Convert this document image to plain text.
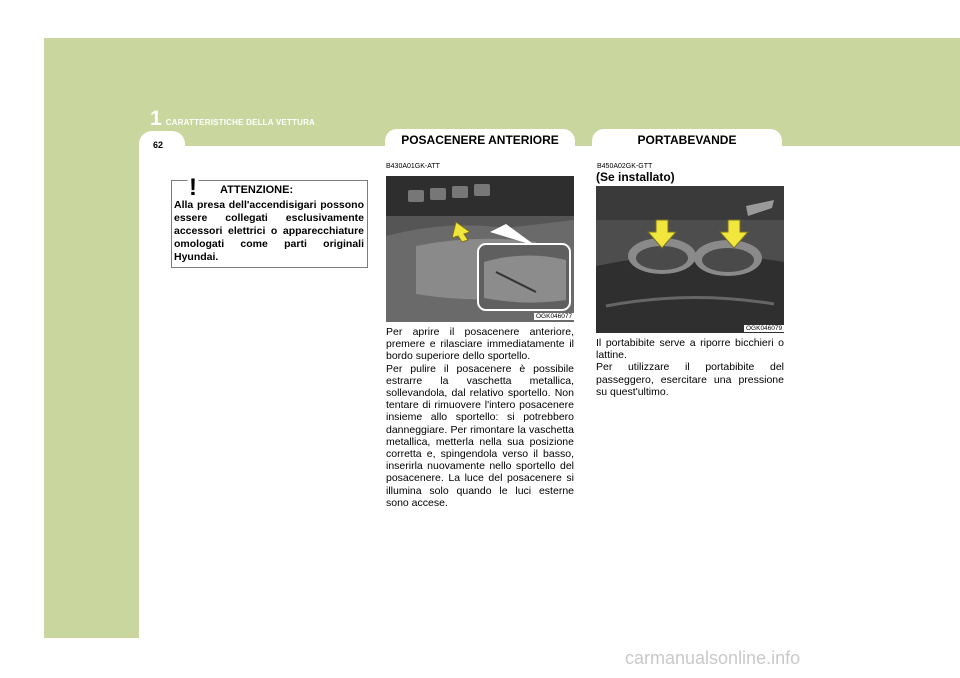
1 CARATTERISTICHE DELLA VETTURA
62	POSACENERE ANTERIORE	PORTABEVANDE
! ATTENZIONE:
Alla presa dell'accendisigari possono essere collegati esclusivamente accessori elettrici o apparecchiature omologati come parti originali Hyundai.
B430A01GK-ATT
OGK046077

Per aprire il posacenere anteriore, premere e rilasciare immediatamente il bordo superiore dello sportello.

Per pulire il posacenere è possibile estrarre la vaschetta metallica, sollevandola, dal relativo sportello. Non tentare di rimuovere l'intero posacenere insieme allo sportello: si potrebbero danneggiare. Per rimontare la vaschetta metallica, metterla nella sua posizione corretta e, spingendola verso il basso, inserirla nuovamente nello sportello del posacenere. La luce del posacenere si illumina solo quando le luci esterne sono accese.

B450A02GK-GTT
(Se installato)
OGK046079

Il portabibite serve a riporre bicchieri o lattine.

Per utilizzare il portabibite del passeggero, esercitare una pressione su quest'ultimo.

carmanualsonline.info
